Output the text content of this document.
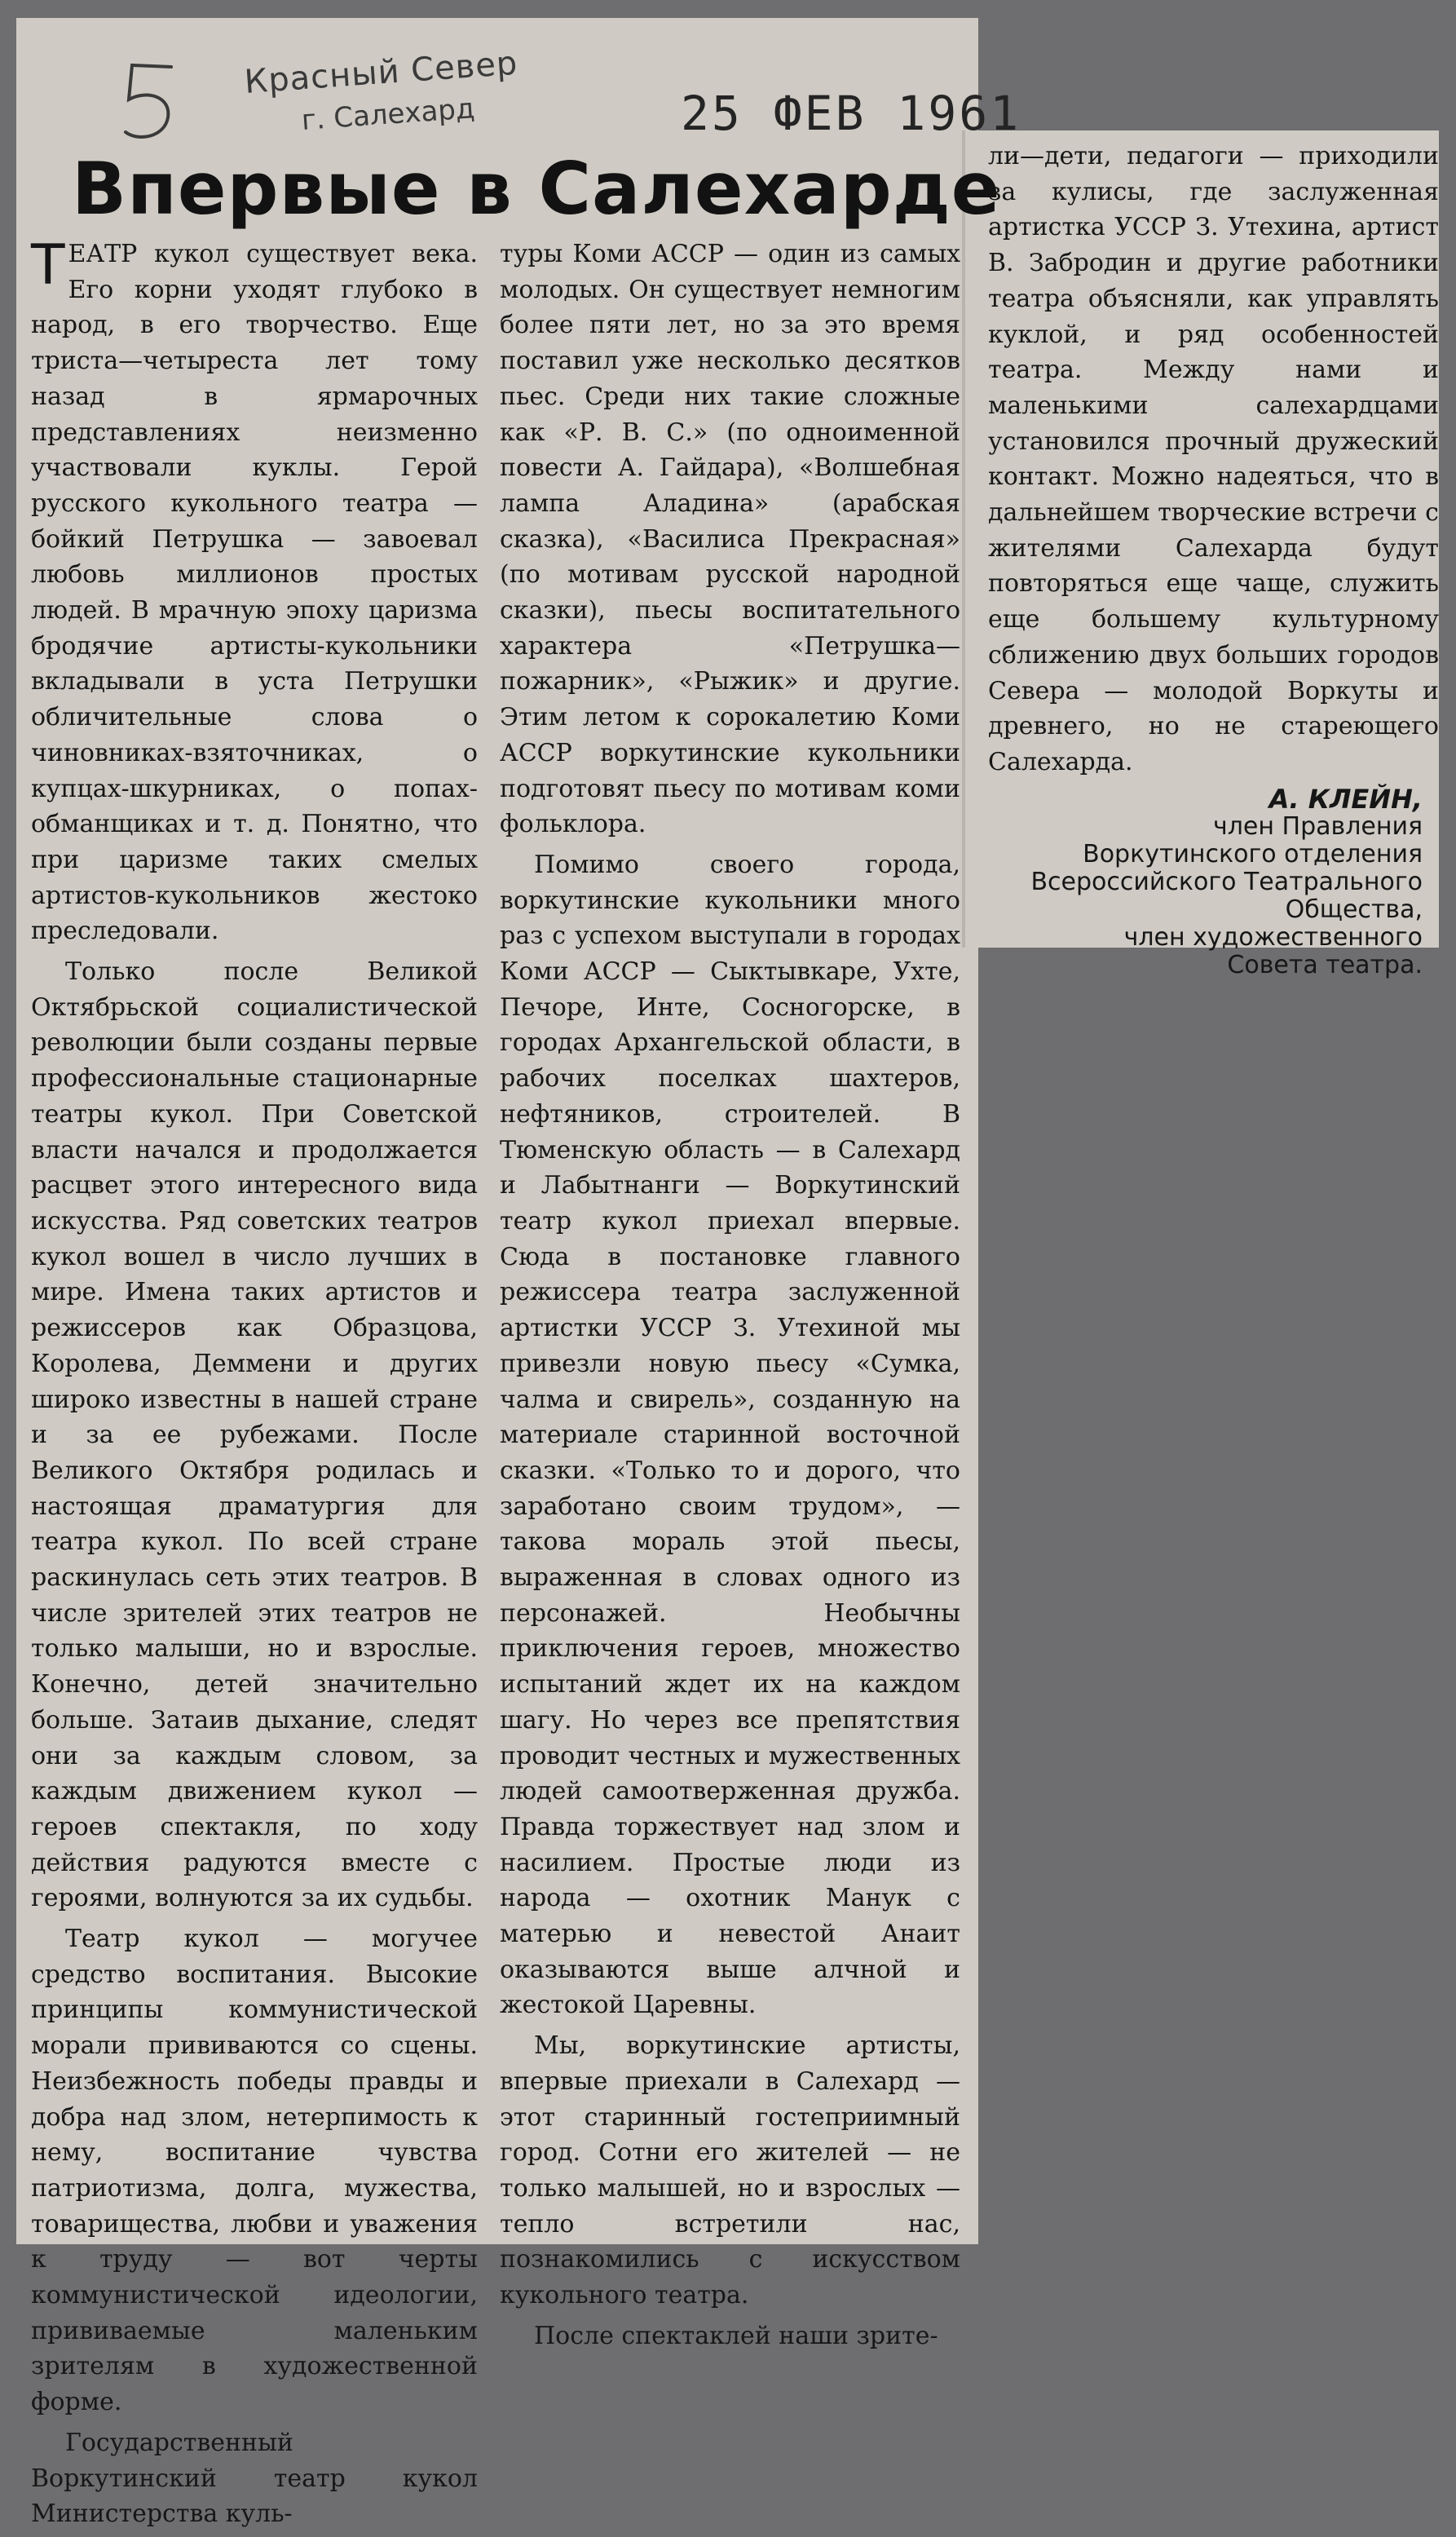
Красный Север
г. Салехард	25 ФЕВ 1961
Впервые в Салехарде

ТЕАТР кукол существует века. Его корни уходят глубоко в народ, в его творчество. Еще триста—четыреста лет тому назад в ярмарочных представлениях неизменно участвовали куклы. Герой русского кукольного театра — бойкий Петрушка — завоевал любовь миллионов простых людей. В мрачную эпоху царизма бродячие артисты-кукольники вкладывали в уста Петрушки обличительные слова о чиновниках-взяточниках, о купцах-шкурниках, о попах-обманщиках и т. д. Понятно, что при царизме таких смелых артистов-кукольников жестоко преследовали.

Только после Великой Октябрьской социалистической революции были созданы первые профессиональные стационарные театры кукол. При Советской власти начался и продолжается расцвет этого интересного вида искусства. Ряд советских театров кукол вошел в число лучших в мире. Имена таких артистов и режиссеров как Образцова, Королева, Деммени и других широко известны в нашей стране и за ее рубежами. После Великого Октября родилась и настоящая драматургия для театра кукол. По всей стране раскинулась сеть этих театров. В числе зрителей этих театров не только малыши, но и взрослые. Конечно, детей значительно больше. Затаив дыхание, следят они за каждым словом, за каждым движением кукол — героев спектакля, по ходу действия радуются вместе с героями, волнуются за их судьбы.

Театр кукол — могучее средство воспитания. Высокие принципы коммунистической морали прививаются со сцены. Неизбежность победы правды и добра над злом, нетерпимость к нему, воспитание чувства патриотизма, долга, мужества, товарищества, любви и уважения к труду — вот черты коммунистической идеологии, прививаемые маленьким зрителям в художественной форме.

Государственный Воркутинский театр кукол Министерства куль-

туры Коми АССР — один из самых молодых. Он существует немногим более пяти лет, но за это время поставил уже несколько десятков пьес. Среди них такие сложные как «Р. В. С.» (по одноименной повести А. Гайдара), «Волшебная лампа Аладина» (арабская сказка), «Василиса Прекрасная» (по мотивам русской народной сказки), пьесы воспитательного характера «Петрушка—пожарник», «Рыжик» и другие. Этим летом к сорокалетию Коми АССР воркутинские кукольники подготовят пьесу по мотивам коми фольклора.

Помимо своего города, воркутинские кукольники много раз с успехом выступали в городах Коми АССР — Сыктывкаре, Ухте, Печоре, Инте, Сосногорске, в городах Архангельской области, в рабочих поселках шахтеров, нефтяников, строителей. В Тюменскую область — в Салехард и Лабытнанги — Воркутинский театр кукол приехал впервые. Сюда в постановке главного режиссера театра заслуженной артистки УССР З. Утехиной мы привезли новую пьесу «Сумка, чалма и свирель», созданную на материале старинной восточной сказки. «Только то и дорого, что заработано своим трудом», — такова мораль этой пьесы, выраженная в словах одного из персонажей. Необычны приключения героев, множество испытаний ждет их на каждом шагу. Но через все препятствия проводит честных и мужественных людей самоотверженная дружба. Правда торжествует над злом и насилием. Простые люди из народа — охотник Манук с матерью и невестой Анаит оказываются выше алчной и жестокой Царевны.

Мы, воркутинские артисты, впервые приехали в Салехард — этот старинный гостеприимный город. Сотни его жителей — не только малышей, но и взрослых — тепло встретили нас, познакомились с искусством кукольного театра.

После спектаклей наши зрите-

ли—дети, педагоги — приходили за кулисы, где заслуженная артистка УССР З. Утехина, артист В. Забродин и другие работники театра объясняли, как управлять куклой, и ряд особенностей театра. Между нами и маленькими салехардцами установился прочный дружеский контакт. Можно надеяться, что в дальнейшем творческие встречи с жителями Салехарда будут повторяться еще чаще, служить еще большему культурному сближению двух больших городов Севера — молодой Воркуты и древнего, но не стареющего Салехарда.

А. КЛЕЙН,
член Правления
Воркутинского отделения
Всероссийского Театрального
Общества,
член художественного
Совета театра.
